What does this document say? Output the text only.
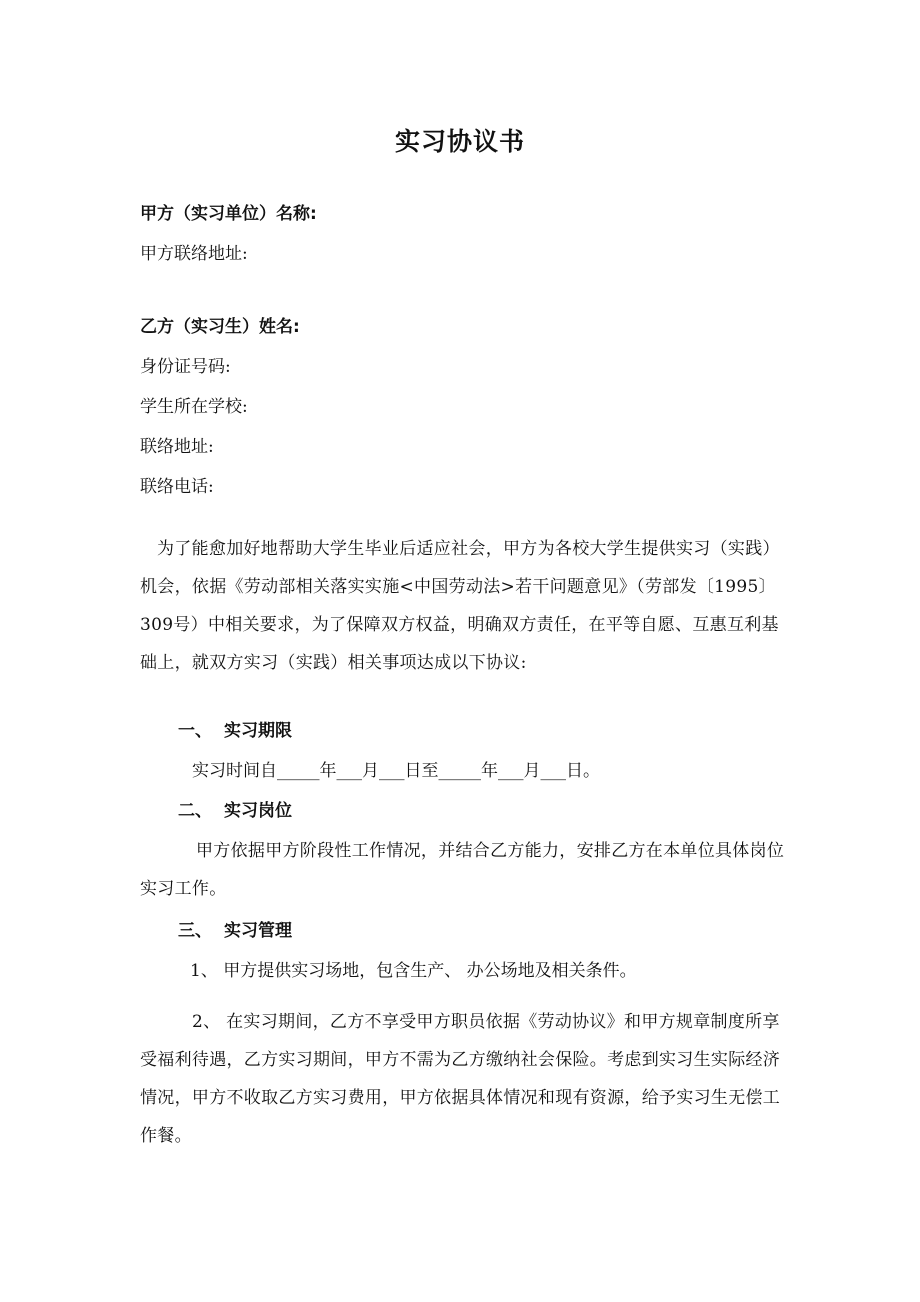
实习协议书
甲方（实习单位）名称:
甲方联络地址:
乙方（实习生）姓名:
身份证号码:
学生所在学校:
联络地址:
联络电话:
为了能愈加好地帮助大学生毕业后适应社会，甲方为各校大学生提供实习（实践）机会，依据《劳动部相关落实实施<中国劳动法>若干问题意见》（劳部发〔1995〕309号）中相关要求，为了保障双方权益，明确双方责任，在平等自愿、互惠互利基础上，就双方实习（实践）相关事项达成以下协议:
一、 实习期限
实习时间自_____年___月___日至_____年___月___日。
二、 实习岗位
甲方依据甲方阶段性工作情况，并结合乙方能力，安排乙方在本单位具体岗位实习工作。
三、 实习管理
1、 甲方提供实习场地，包含生产、 办公场地及相关条件。
2、 在实习期间，乙方不享受甲方职员依据《劳动协议》和甲方规章制度所享受福利待遇，乙方实习期间，甲方不需为乙方缴纳社会保险。考虑到实习生实际经济情况，甲方不收取乙方实习费用，甲方依据具体情况和现有资源，给予实习生无偿工作餐。
